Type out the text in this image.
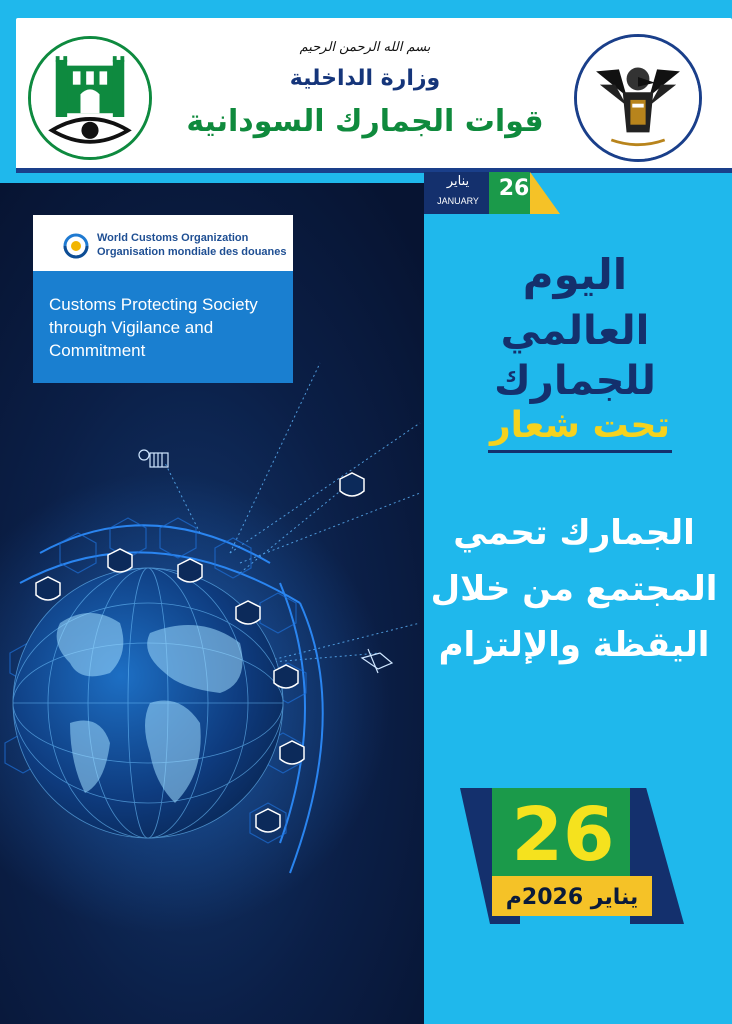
بسم الله الرحمن الرحيم
وزارة الداخلية
قوات الجمارك السودانية
World Customs Organization
Organisation mondiale des douanes
Customs Protecting Society through Vigilance and Commitment
26
يناير
JANUARY
اليوم
العالمي للجمارك
تحت شعار
الجمارك تحمي
المجتمع من خلال
اليقظة والإلتزام
26
يناير 2026م
